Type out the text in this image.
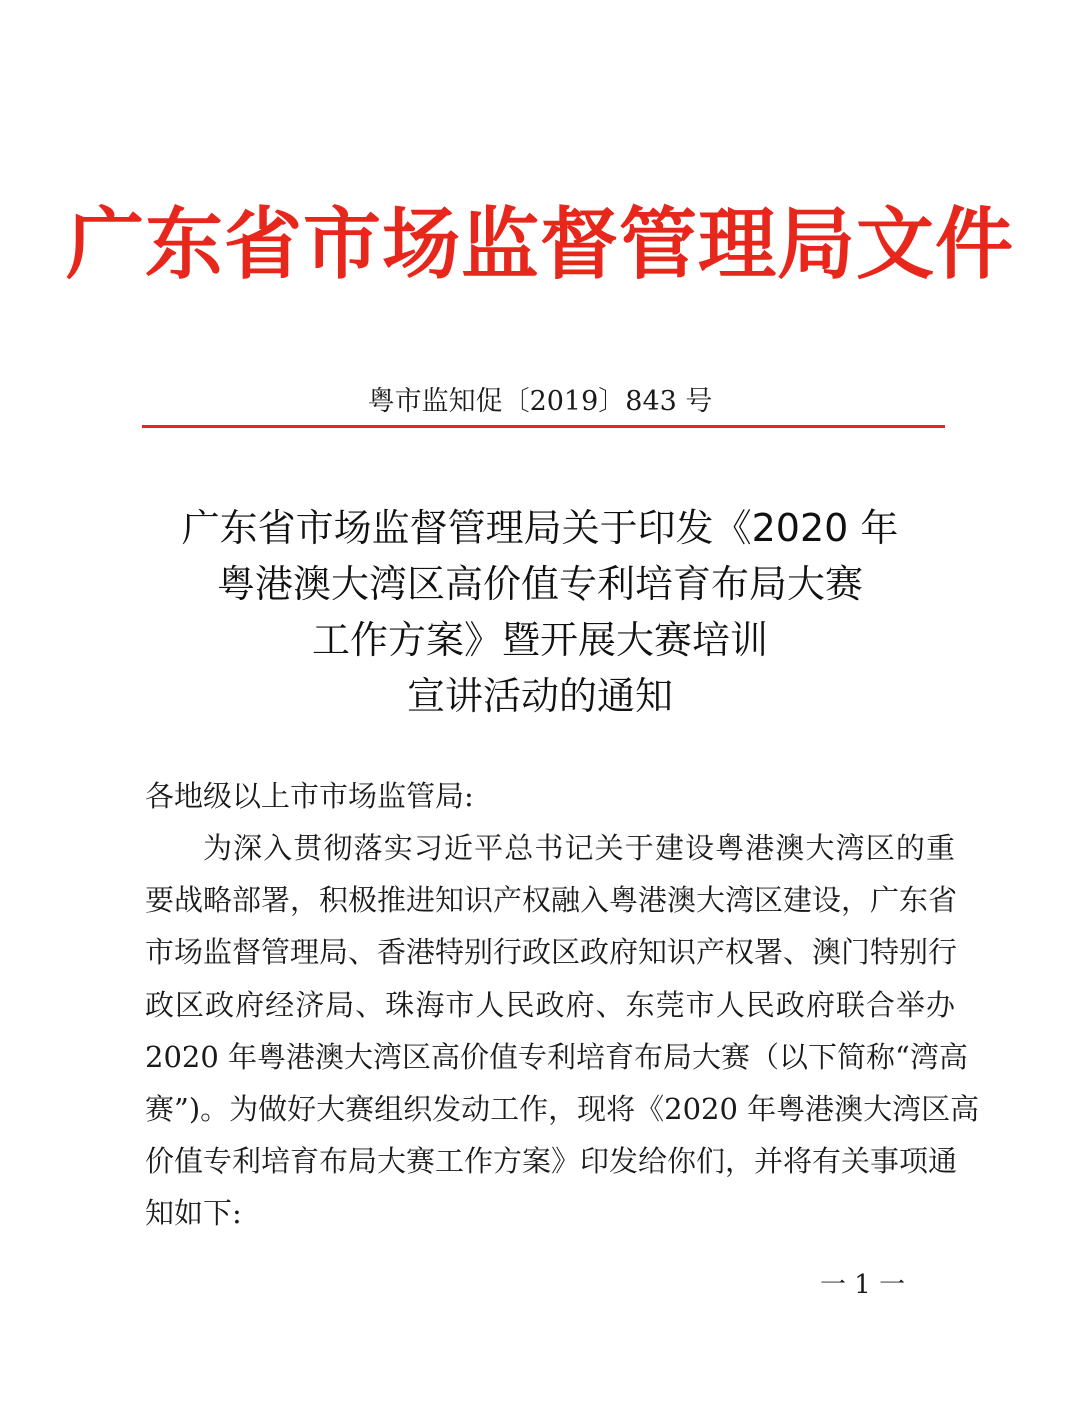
广东省市场监督管理局文件
粤市监知促〔2019〕843 号
广东省市场监督管理局关于印发《2020 年
粤港澳大湾区高价值专利培育布局大赛
工作方案》暨开展大赛培训
宣讲活动的通知
各地级以上市市场监管局:
为深入贯彻落实习近平总书记关于建设粤港澳大湾区的重
要战略部署，积极推进知识产权融入粤港澳大湾区建设，广东省
市场监督管理局、香港特别行政区政府知识产权署、澳门特别行
政区政府经济局、珠海市人民政府、东莞市人民政府联合举办
2020 年粤港澳大湾区高价值专利培育布局大赛（以下简称“湾高
赛”)。为做好大赛组织发动工作，现将《2020 年粤港澳大湾区高
价值专利培育布局大赛工作方案》印发给你们，并将有关事项通
知如下:
一 1 一
